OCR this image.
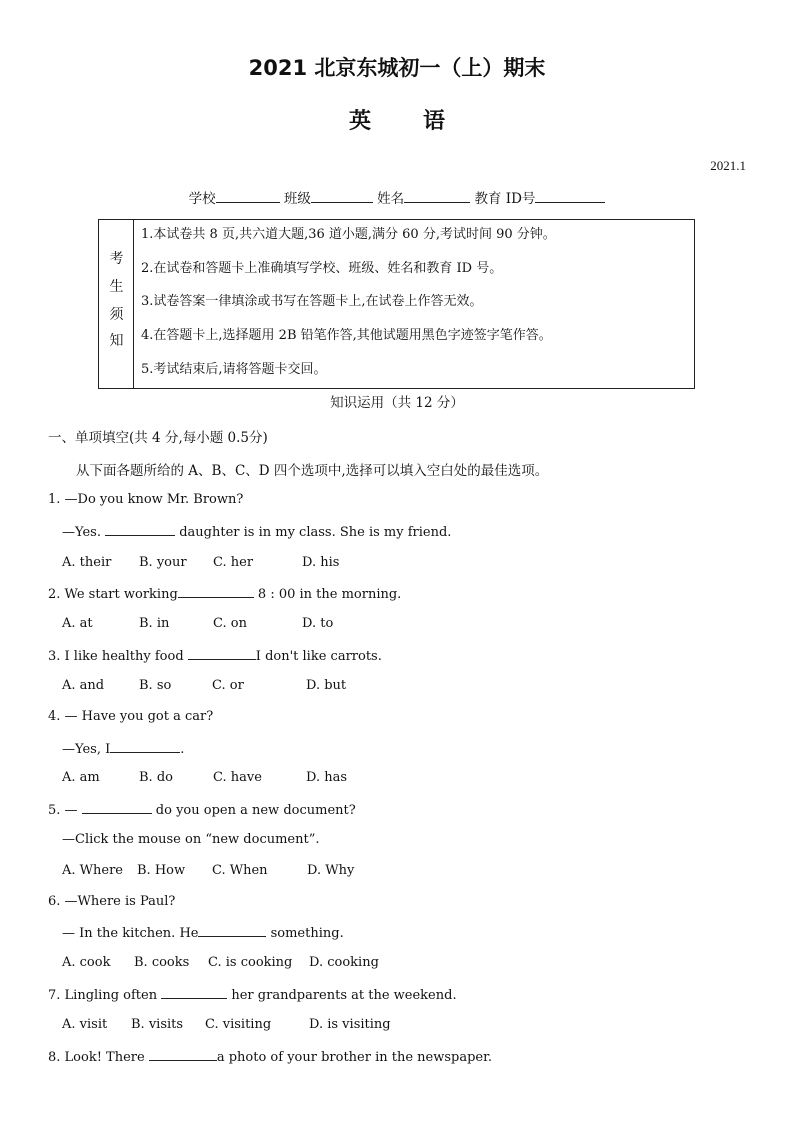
2021 北京东城初一（上）期末
英 语
2021.1
学校	班级	姓名	教育 ID号
考
生
须
知
1.本试卷共 8 页,共六道大题,36 道小题,满分 60 分,考试时间 90 分钟。
2.在试卷和答题卡上准确填写学校、班级、姓名和教育 ID 号。
3.试卷答案一律填涂或书写在答题卡上,在试卷上作答无效。
4.在答题卡上,选择题用 2B 铅笔作答,其他试题用黑色字迹签字笔作答。
5.考试结束后,请将答题卡交回。
知识运用（共 12 分）
一、单项填空(共 4 分,每小题 0.5分)
从下面各题所给的 A、B、C、D 四个选项中,选择可以填入空白处的最佳选项。
1. —Do you know Mr. Brown?
—Yes.	daughter is in my class. She is my friend.
A. their B. your C. her	D. his
2. We start working	8 : 00 in the morning.
A. at	B. in	C. on	D. to
3. I like healthy food	I don't like carrots.
A. and	B. so	C. or	D. but
4. — Have you got a car?
—Yes, I	.
A. am	B. do	C. have	D. has
5. —	do you open a new document?
—Click the mouse on “new document”.
A. Where B. How C. When	D. Why
6. —Where is Paul?
— In the kitchen. He	something.
A. cook B. cooks C. is cooking D. cooking
7. Lingling often	her grandparents at the weekend.
A. visit B. visits C. visiting	D. is visiting
8. Look! There	a photo of your brother in the newspaper.
